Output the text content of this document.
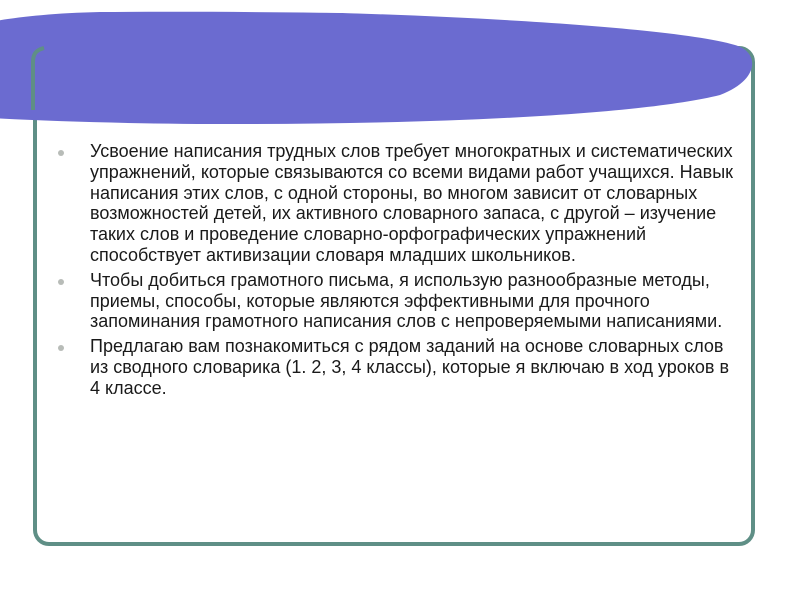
Усвоение написания трудных слов требует многократных и систематических упражнений, которые связываются со всеми видами работ учащихся. Навык написания этих слов, с одной стороны, во многом зависит от словарных возможностей детей, их активного словарного запаса, с другой – изучение таких слов и проведение словарно-орфографических упражнений способствует активизации словаря младших школьников.
Чтобы добиться грамотного письма, я использую разнообразные методы, приемы, способы, которые являются эффективными для прочного запоминания грамотного написания слов с непроверяемыми написаниями.
Предлагаю вам познакомиться с рядом заданий на основе словарных слов из сводного словарика (1. 2, 3, 4 классы), которые я включаю в ход уроков в 4 классе.
